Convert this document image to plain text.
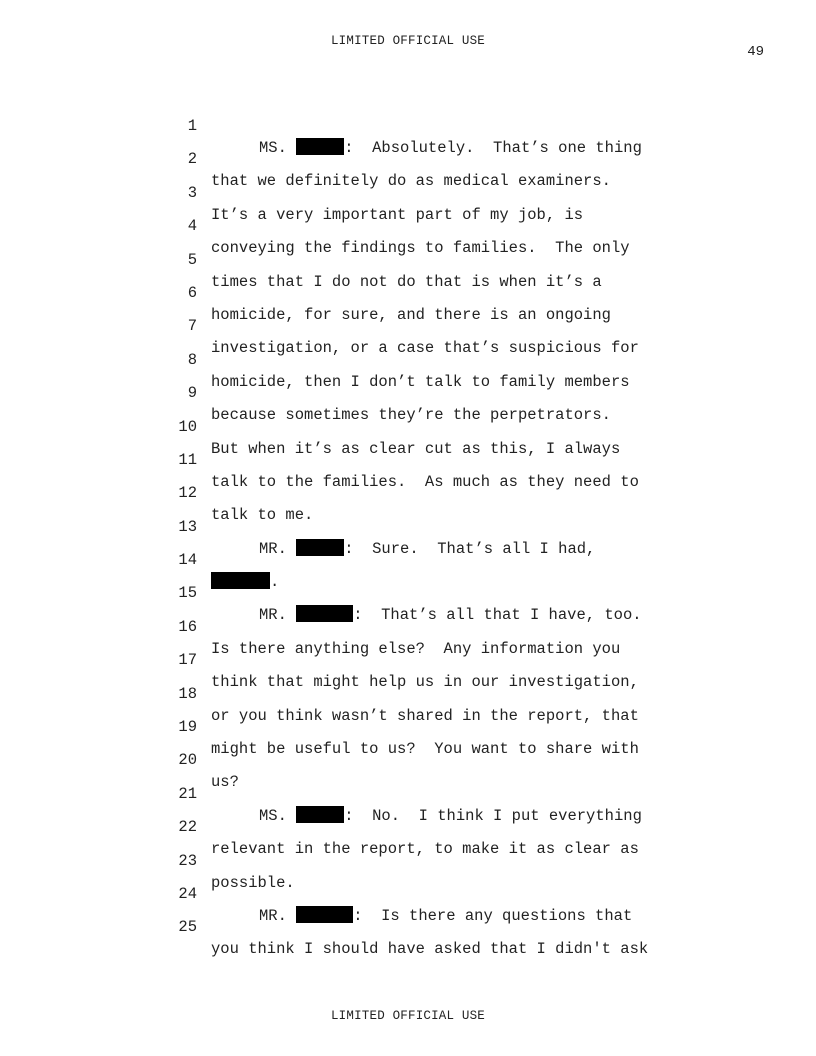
LIMITED OFFICIAL USE
49

1

MS.	:  Absolutely.  That’s one thing

2

that we definitely do as medical examiners.

3

It’s a very important part of my job, is

4

conveying the findings to families.  The only

5

times that I do not do that is when it’s a

6

homicide, for sure, and there is an ongoing

7

investigation, or a case that’s suspicious for

8

homicide, then I don’t talk to family members

9

because sometimes they’re the perpetrators.

10

But when it’s as clear cut as this, I always

11

talk to the families.  As much as they need to

12

talk to me.

13

MR.	:  Sure.  That’s all I had,

14

.

15

MR.	:  That’s all that I have, too.

16

Is there anything else?  Any information you

17

think that might help us in our investigation,

18

or you think wasn’t shared in the report, that

19

might be useful to us?  You want to share with

20

us?

21

MS.	:  No.  I think I put everything

22

relevant in the report, to make it as clear as

23

possible.

24

MR.	:  Is there any questions that

25

you think I should have asked that I didn't ask

LIMITED OFFICIAL USE
